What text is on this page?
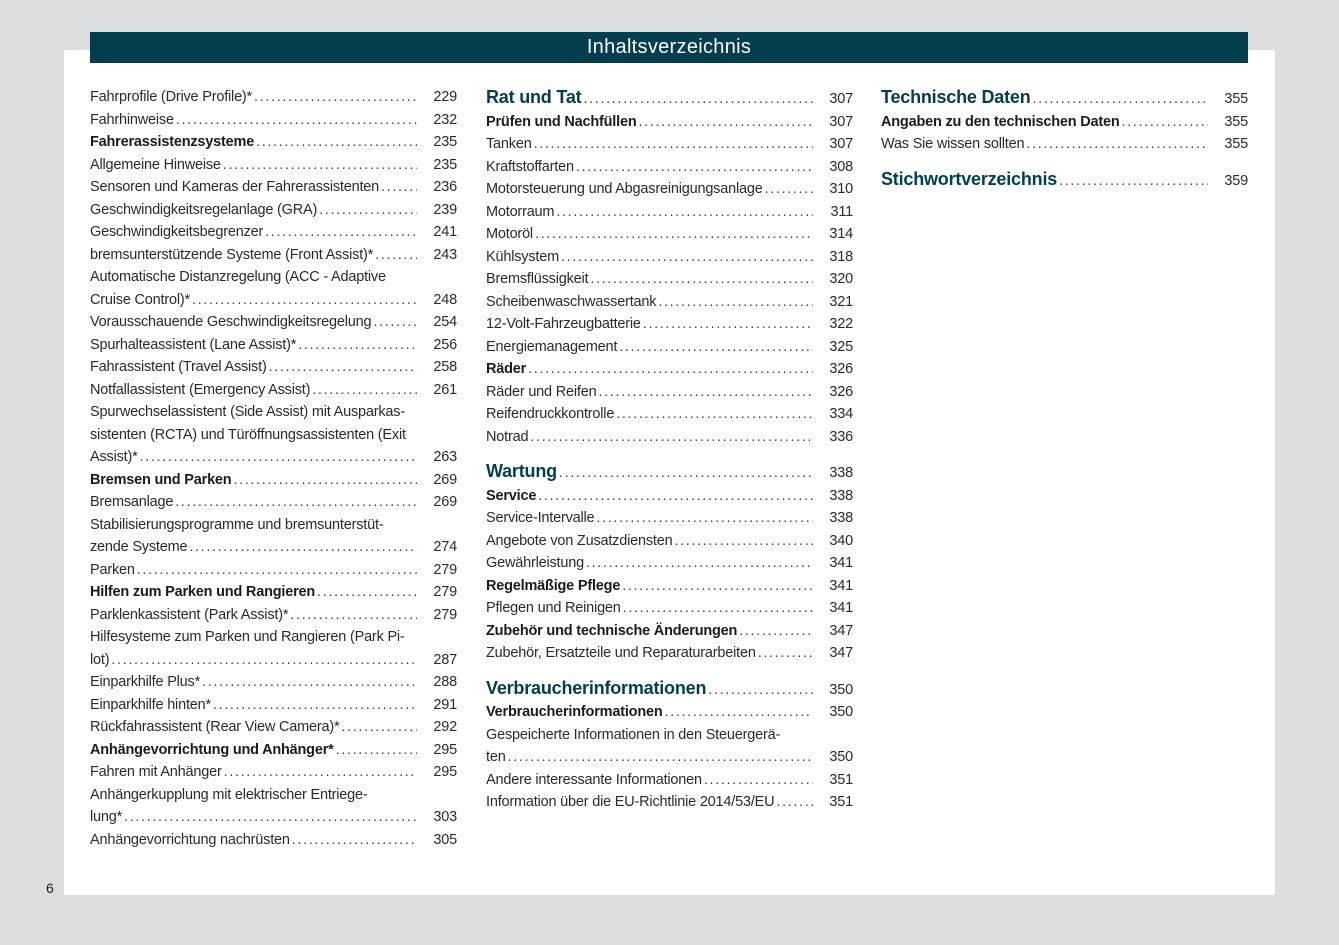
Inhaltsverzeichnis
Fahrprofile (Drive Profile)* . . .	229
Fahrhinweise . . .	232
Fahrerassistenzsysteme . . .	235
Allgemeine Hinweise . . .	235
Sensoren und Kameras der Fahrerassistenten . . .	236
Geschwindigkeitsregelanlage (GRA) . . .	239
Geschwindigkeitsbegrenzer . . .	241
bremsunterstützende Systeme (Front Assist)* . . .	243
Automatische Distanzregelung (ACC - Adaptive
Cruise Control)* . . .	248
Vorausschauende Geschwindigkeitsregelung . . .	254
Spurhalteassistent (Lane Assist)* . . .	256
Fahrassistent (Travel Assist) . . .	258
Notfallassistent (Emergency Assist) . . .	261
Spurwechselassistent (Side Assist) mit Ausparkas-
sistenten (RCTA) und Türöffnungsassistenten (Exit
Assist)* . . .	263
Bremsen und Parken . . .	269
Bremsanlage . . .	269
Stabilisierungsprogramme und bremsunterstüt-
zende Systeme . . .	274
Parken . . .	279
Hilfen zum Parken und Rangieren . . .	279
Parklenkassistent (Park Assist)* . . .	279
Hilfesysteme zum Parken und Rangieren (Park Pi-
lot) . . .	287
Einparkhilfe Plus* . . .	288
Einparkhilfe hinten* . . .	291
Rückfahrassistent (Rear View Camera)* . . .	292
Anhängevorrichtung und Anhänger* . . .	295
Fahren mit Anhänger . . .	295
Anhängerkupplung mit elektrischer Entriege-
lung* . . .	303
Anhängevorrichtung nachrüsten . . .	305
Rat und Tat . . .	307
Prüfen und Nachfüllen . . .	307
Tanken . . .	307
Kraftstoffarten . . .	308
Motorsteuerung und Abgasreinigungsanlage . . .	310
Motorraum . . .	311
Motoröl . . .	314
Kühlsystem . . .	318
Bremsflüssigkeit . . .	320
Scheibenwaschwassertank . . .	321
12-Volt-Fahrzeugbatterie . . .	322
Energiemanagement . . .	325
Räder . . .	326
Räder und Reifen . . .	326
Reifendruckkontrolle . . .	334
Notrad . . .	336
Wartung . . .	338
Service . . .	338
Service-Intervalle . . .	338
Angebote von Zusatzdiensten . . .	340
Gewährleistung . . .	341
Regelmäßige Pflege . . .	341
Pflegen und Reinigen . . .	341
Zubehör und technische Änderungen . . .	347
Zubehör, Ersatzteile und Reparaturarbeiten . . .	347
Verbraucherinformationen . . .	350
Verbraucherinformationen . . .	350
Gespeicherte Informationen in den Steuergerä-
ten . . .	350
Andere interessante Informationen . . .	351
Information über die EU-Richtlinie 2014/53/EU . . .	351
Technische Daten . . .	355
Angaben zu den technischen Daten . . .	355
Was Sie wissen sollten . . .	355
Stichwortverzeichnis . . .	359
6
